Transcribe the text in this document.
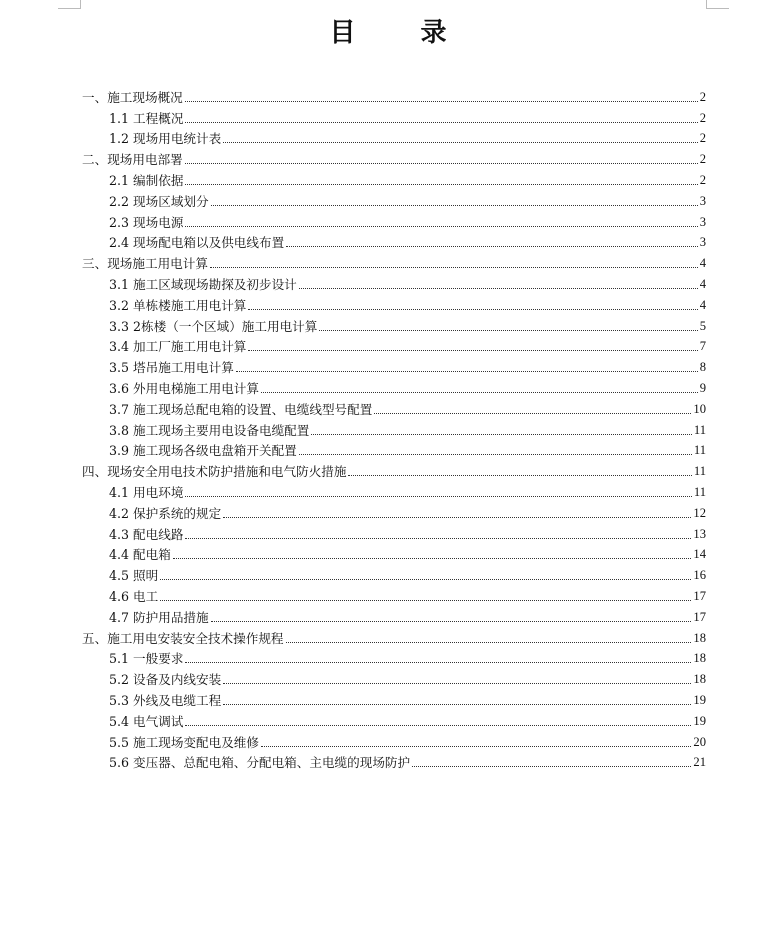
目 录
一、施工现场概况	2
1.1 工程概况	2
1.2 现场用电统计表	2
二、现场用电部署	2
2.1 编制依据	2
2.2 现场区域划分	3
2.3 现场电源	3
2.4 现场配电箱以及供电线布置	3
三、现场施工用电计算	4
3.1 施工区域现场勘探及初步设计	4
3.2 单栋楼施工用电计算	4
3.3 2栋楼（一个区域）施工用电计算	5
3.4 加工厂施工用电计算	7
3.5 塔吊施工用电计算	8
3.6 外用电梯施工用电计算	9
3.7 施工现场总配电箱的设置、电缆线型号配置	10
3.8 施工现场主要用电设备电缆配置	11
3.9 施工现场各级电盘箱开关配置	11
四、现场安全用电技术防护措施和电气防火措施	11
4.1 用电环境	11
4.2 保护系统的规定	12
4.3 配电线路	13
4.4 配电箱	14
4.5 照明	16
4.6 电工	17
4.7 防护用品措施	17
五、施工用电安装安全技术操作规程	18
5.1 一般要求	18
5.2 设备及内线安装	18
5.3 外线及电缆工程	19
5.4 电气调试	19
5.5 施工现场变配电及维修	20
5.6 变压器、总配电箱、分配电箱、主电缆的现场防护	21
